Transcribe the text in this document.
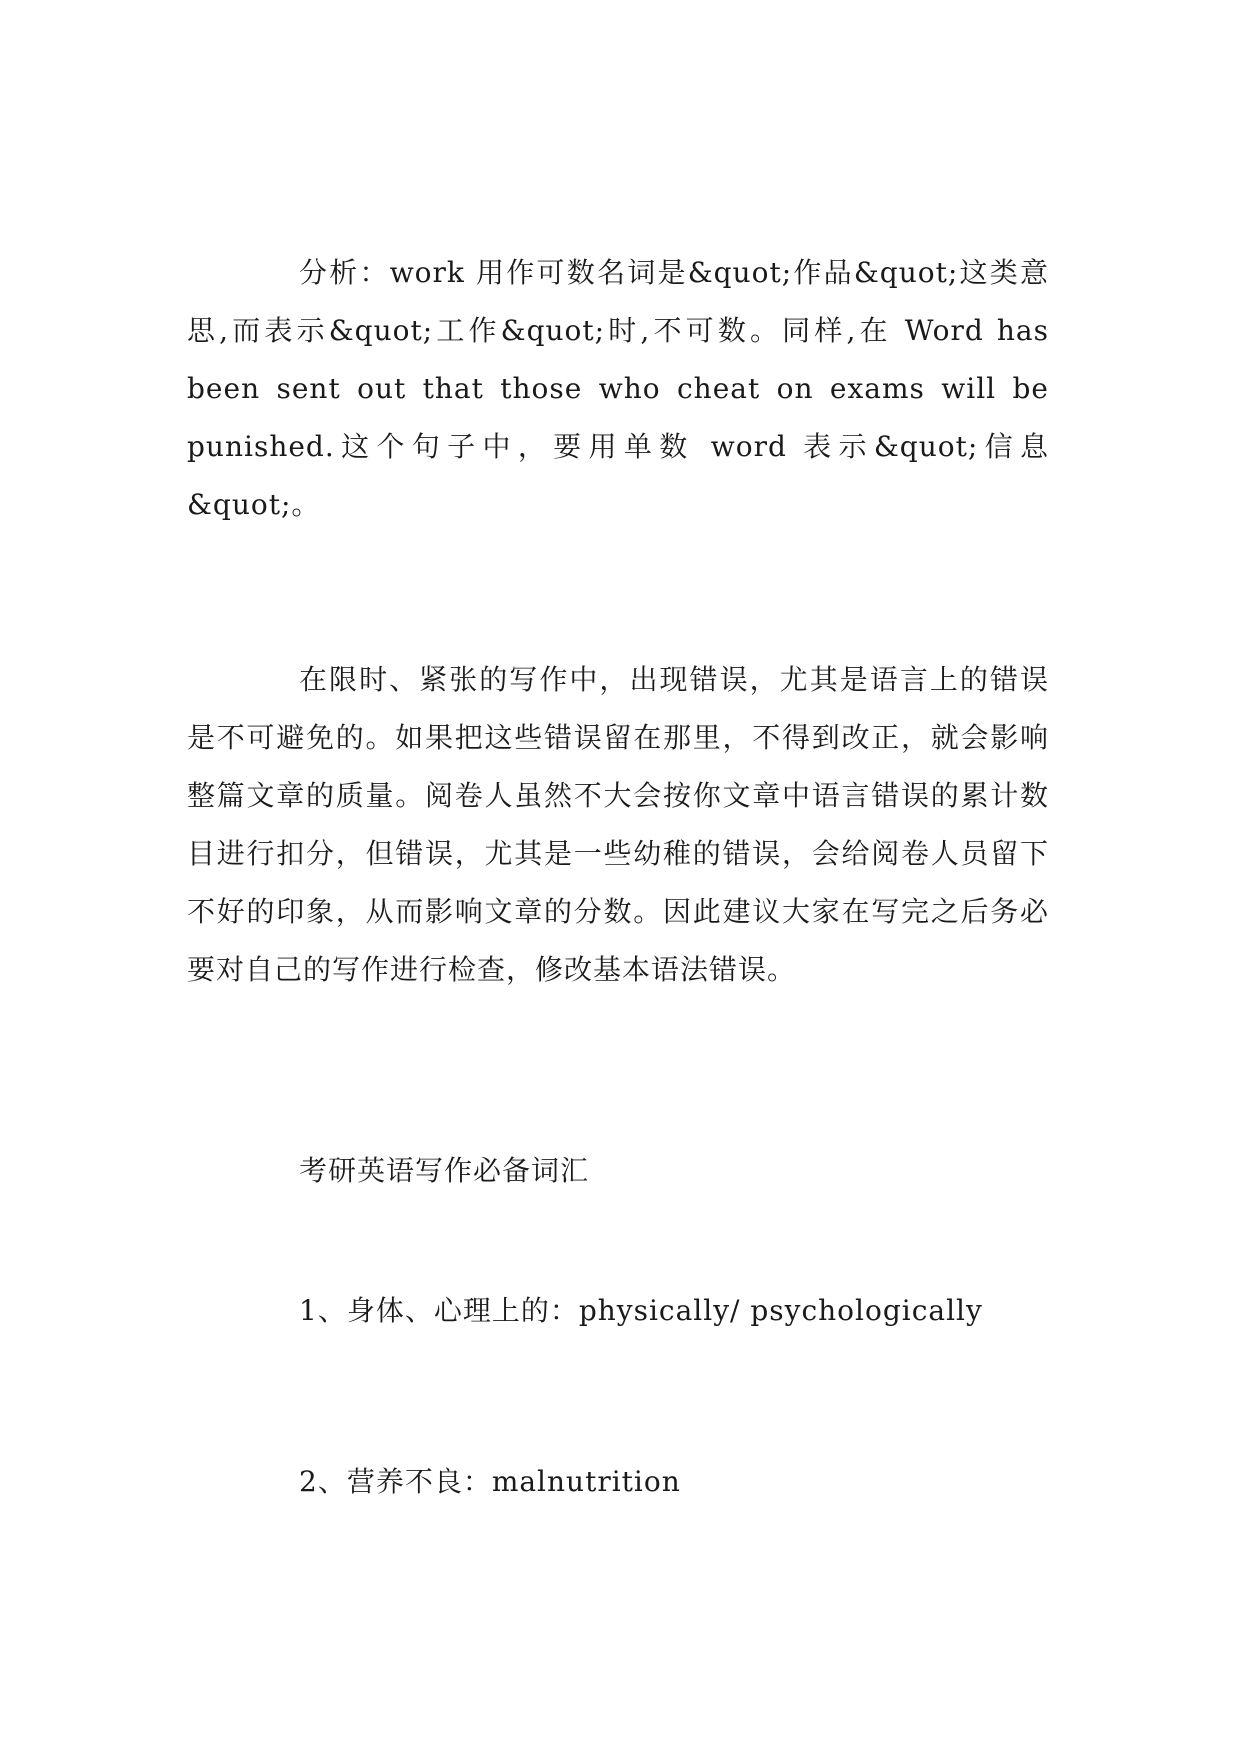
分析：work 用作可数名词是&quot;作品&quot;这类意思,而表示&quot;工作&quot;时,不可数。同样,在 Word has been sent out that those who cheat on exams will be punished.这个句子中，要用单数 word 表示&quot;信息&quot;。

在限时、紧张的写作中，出现错误，尤其是语言上的错误是不可避免的。如果把这些错误留在那里，不得到改正，就会影响整篇文章的质量。阅卷人虽然不大会按你文章中语言错误的累计数目进行扣分，但错误，尤其是一些幼稚的错误，会给阅卷人员留下不好的印象，从而影响文章的分数。因此建议大家在写完之后务必要对自己的写作进行检查，修改基本语法错误。

考研英语写作必备词汇
1、身体、心理上的：physically/ psychologically
2、营养不良：malnutrition
